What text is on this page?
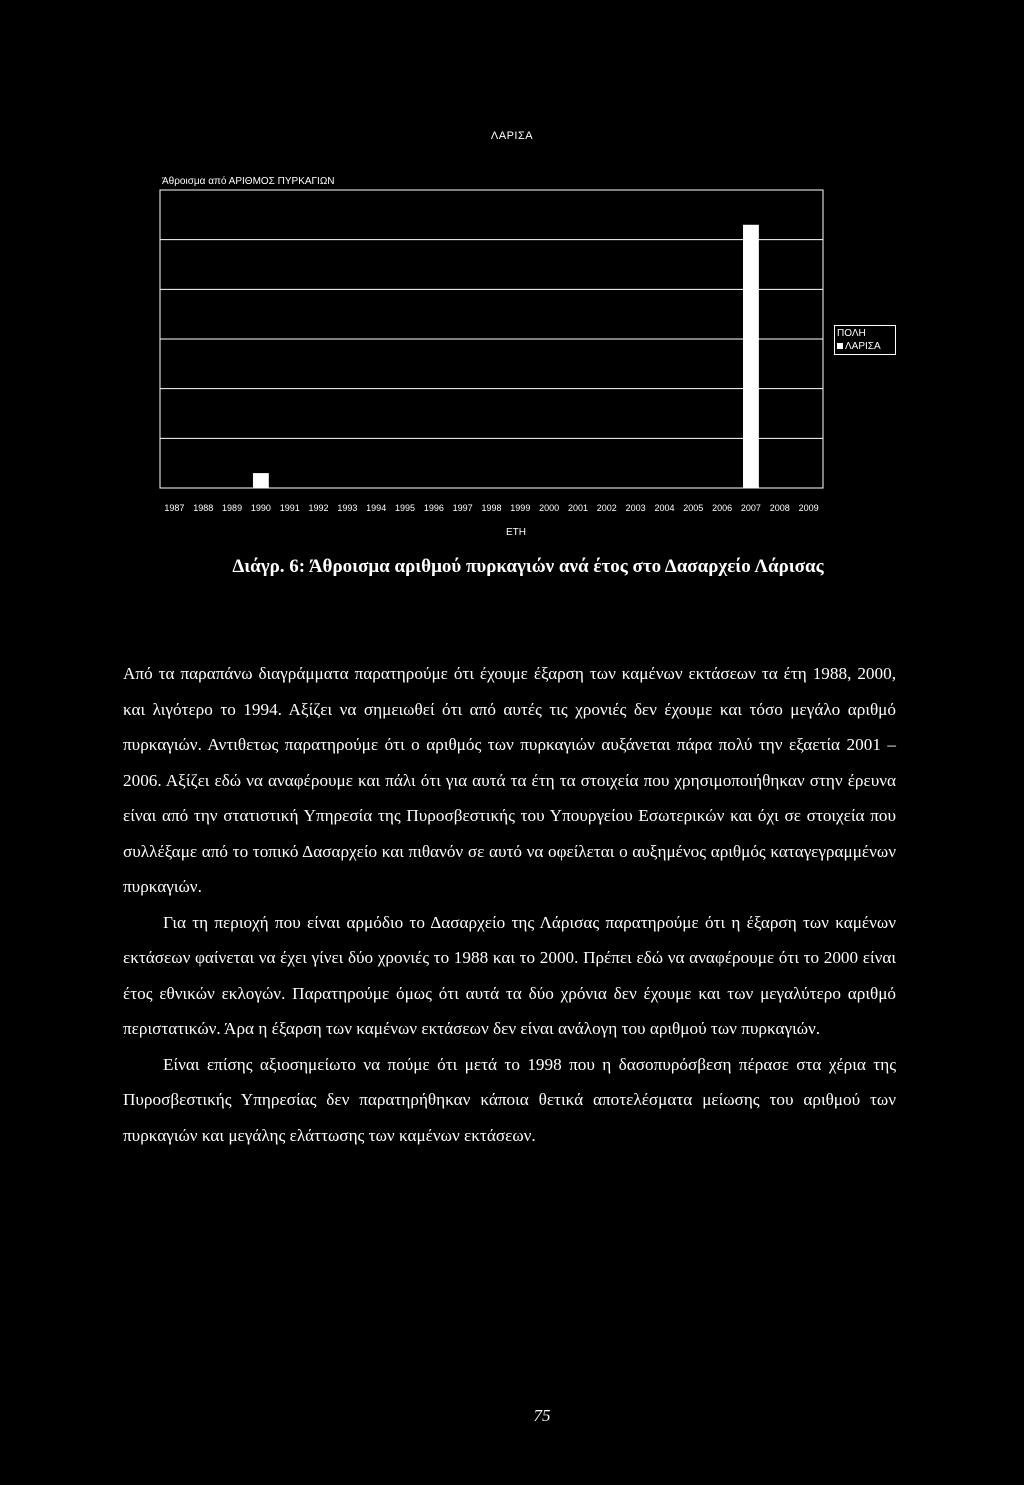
ΛΑΡΙΣΑ
Άθροισμα από ΑΡΙΘΜΟΣ ΠΥΡΚΑΓΙΩΝ
1987 1988 1989 1990 1991 1992 1993 1994 1995 1996 1997 1998 1999 2000 2001 2002 2003 2004 2005 2006 2007 2008 2009
ΠΟΛΗ
ΛΑΡΙΣΑ
ΕΤΗ
Διάγρ. 6: Άθροισμα αριθμού πυρκαγιών ανά έτος στο Δασαρχείο Λάρισας

Από τα παραπάνω διαγράμματα παρατηρούμε ότι έχουμε έξαρση των καμένων εκτάσεων τα έτη 1988, 2000, και λιγότερο το 1994. Αξίζει να σημειωθεί ότι από αυτές τις χρονιές δεν έχουμε και τόσο μεγάλο αριθμό πυρκαγιών. Αντιθετως παρατηρούμε ότι ο αριθμός των πυρκαγιών αυξάνεται πάρα πολύ την εξαετία 2001 – 2006. Αξίζει εδώ να αναφέρουμε και πάλι ότι για αυτά τα έτη τα στοιχεία που χρησιμοποιήθηκαν στην έρευνα είναι από την στατιστική Υπηρεσία της Πυροσβεστικής του Υπουργείου Εσωτερικών και όχι σε στοιχεία που συλλέξαμε από το τοπικό Δασαρχείο και πιθανόν σε αυτό να οφείλεται ο αυξημένος αριθμός καταγεγραμμένων πυρκαγιών.

Για τη περιοχή που είναι αρμόδιο το Δασαρχείο της Λάρισας παρατηρούμε ότι η έξαρση των καμένων εκτάσεων φαίνεται να έχει γίνει δύο χρονιές το 1988 και το 2000. Πρέπει εδώ να αναφέρουμε ότι το 2000 είναι έτος εθνικών εκλογών. Παρατηρούμε όμως ότι αυτά τα δύο χρόνια δεν έχουμε και των μεγαλύτερο αριθμό περιστατικών. Άρα η έξαρση των καμένων εκτάσεων δεν είναι ανάλογη του αριθμού των πυρκαγιών.

Είναι επίσης αξιοσημείωτο να πούμε ότι μετά το 1998 που η δασοπυρόσβεση πέρασε στα χέρια της Πυροσβεστικής Υπηρεσίας δεν παρατηρήθηκαν κάποια θετικά αποτελέσματα μείωσης του αριθμού των πυρκαγιών και μεγάλης ελάττωσης των καμένων εκτάσεων.

75
